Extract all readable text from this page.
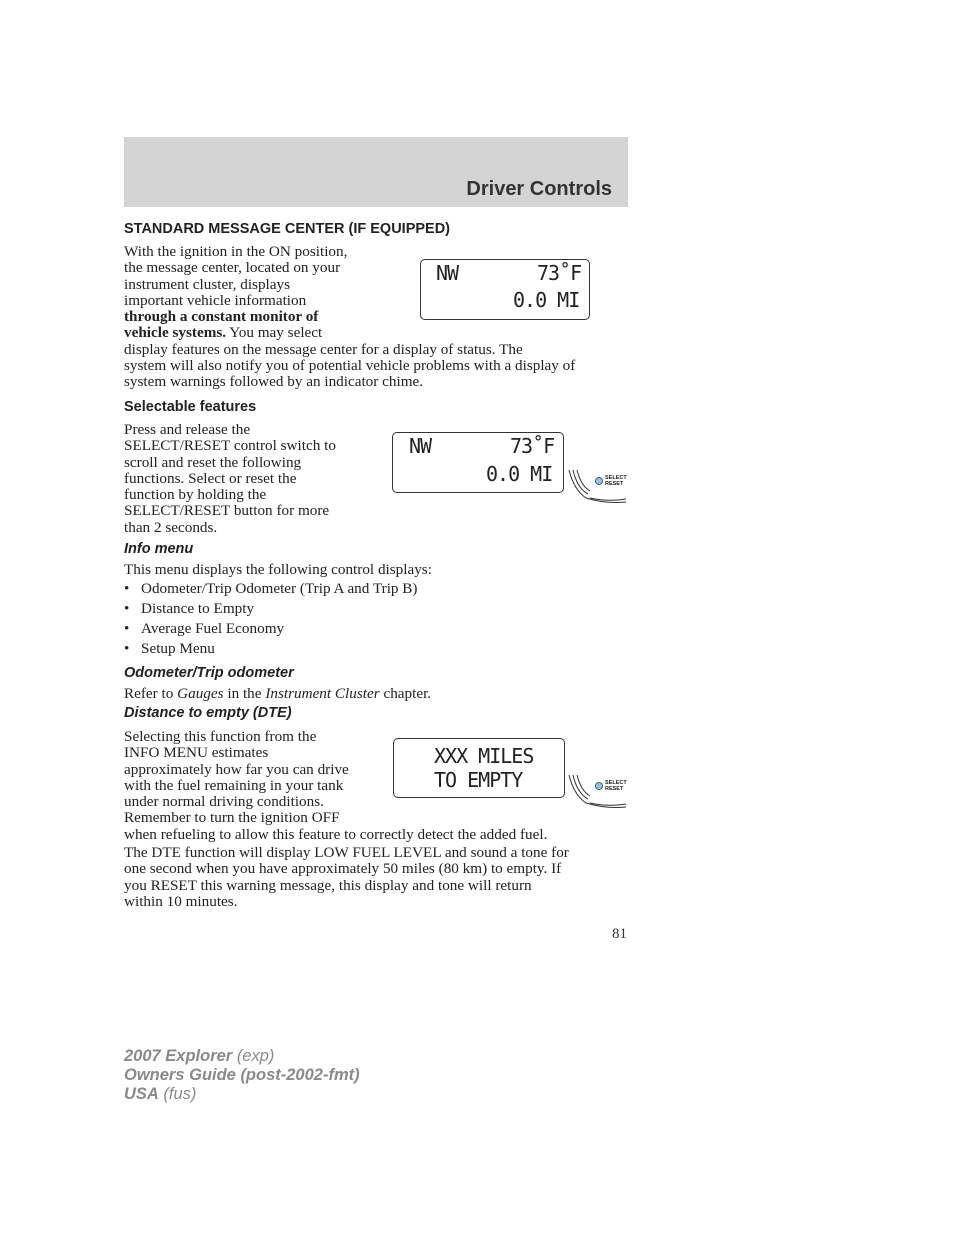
Driver Controls
STANDARD MESSAGE CENTER (IF EQUIPPED)

With the ignition in the ON position,
the message center, located on your
instrument cluster, displays
important vehicle information
through a constant monitor of
vehicle systems. You may select
display features on the message center for a display of status. The
system will also notify you of potential vehicle problems with a display of
system warnings followed by an indicator chime.

NW	73˚F
0.0 MI
Selectable features

Press and release the
SELECT/RESET control switch to
scroll and reset the following
functions. Select or reset the
function by holding the
SELECT/RESET button for more
than 2 seconds.

NW	73˚F
0.0 MI	SELECT
RESET
Info menu

This menu displays the following control displays:

• Odometer/Trip Odometer (Trip A and Trip B)
• Distance to Empty
• Average Fuel Economy
• Setup Menu
Odometer/Trip odometer

Refer to Gauges in the Instrument Cluster chapter.

Distance to empty (DTE)

Selecting this function from the
INFO MENU estimates
approximately how far you can drive
with the fuel remaining in your tank
under normal driving conditions.
Remember to turn the ignition OFF
when refueling to allow this feature to correctly detect the added fuel.

The DTE function will display LOW FUEL LEVEL and sound a tone for
one second when you have approximately 50 miles (80 km) to empty. If
you RESET this warning message, this display and tone will return
within 10 minutes.

XXX MILES
TO EMPTY	SELECT
RESET
81
2007 Explorer (exp)
Owners Guide (post-2002-fmt)
USA (fus)
